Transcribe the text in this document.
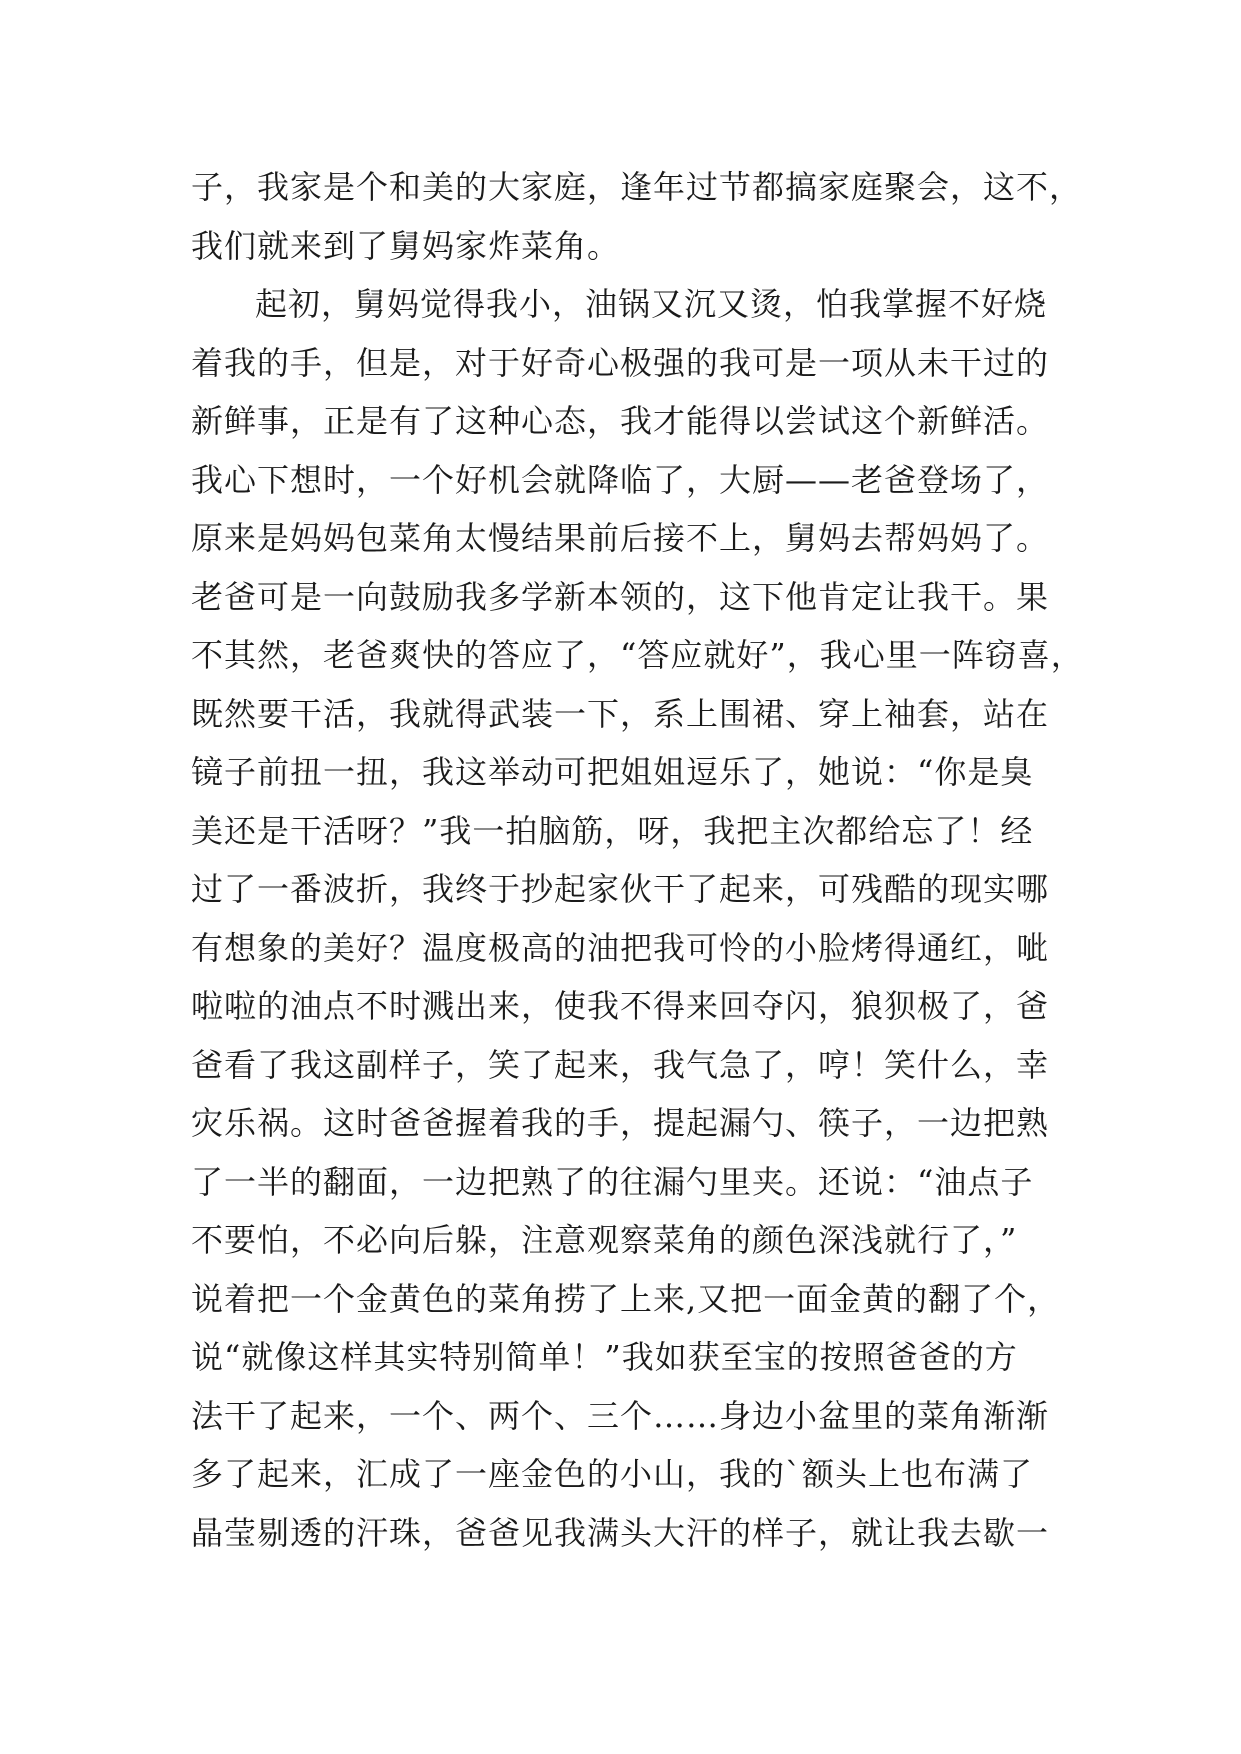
子，我家是个和美的大家庭，逢年过节都搞家庭聚会，这不，
我们就来到了舅妈家炸菜角。
起初，舅妈觉得我小，油锅又沉又烫，怕我掌握不好烧
着我的手，但是，对于好奇心极强的我可是一项从未干过的
新鲜事，正是有了这种心态，我才能得以尝试这个新鲜活。
我心下想时，一个好机会就降临了，大厨——老爸登场了，
原来是妈妈包菜角太慢结果前后接不上，舅妈去帮妈妈了。
老爸可是一向鼓励我多学新本领的，这下他肯定让我干。果
不其然，老爸爽快的答应了，“答应就好”，我心里一阵窃喜，
既然要干活，我就得武装一下，系上围裙、穿上袖套，站在
镜子前扭一扭，我这举动可把姐姐逗乐了，她说：“你是臭
美还是干活呀？”我一拍脑筋，呀，我把主次都给忘了！经
过了一番波折，我终于抄起家伙干了起来，可残酷的现实哪
有想象的美好？温度极高的油把我可怜的小脸烤得通红，呲
啦啦的油点不时溅出来，使我不得来回夺闪，狼狈极了，爸
爸看了我这副样子，笑了起来，我气急了，哼！笑什么，幸
灾乐祸。这时爸爸握着我的手，提起漏勺、筷子，一边把熟
了一半的翻面，一边把熟了的往漏勺里夹。还说：“油点子
不要怕，不必向后躲，注意观察菜角的颜色深浅就行了，”
说着把一个金黄色的菜角捞了上来,又把一面金黄的翻了个，
说“就像这样其实特别简单！”我如获至宝的按照爸爸的方
法干了起来，一个、两个、三个……身边小盆里的菜角渐渐
多了起来，汇成了一座金色的小山，我的`额头上也布满了
晶莹剔透的汗珠，爸爸见我满头大汗的样子，就让我去歇一
